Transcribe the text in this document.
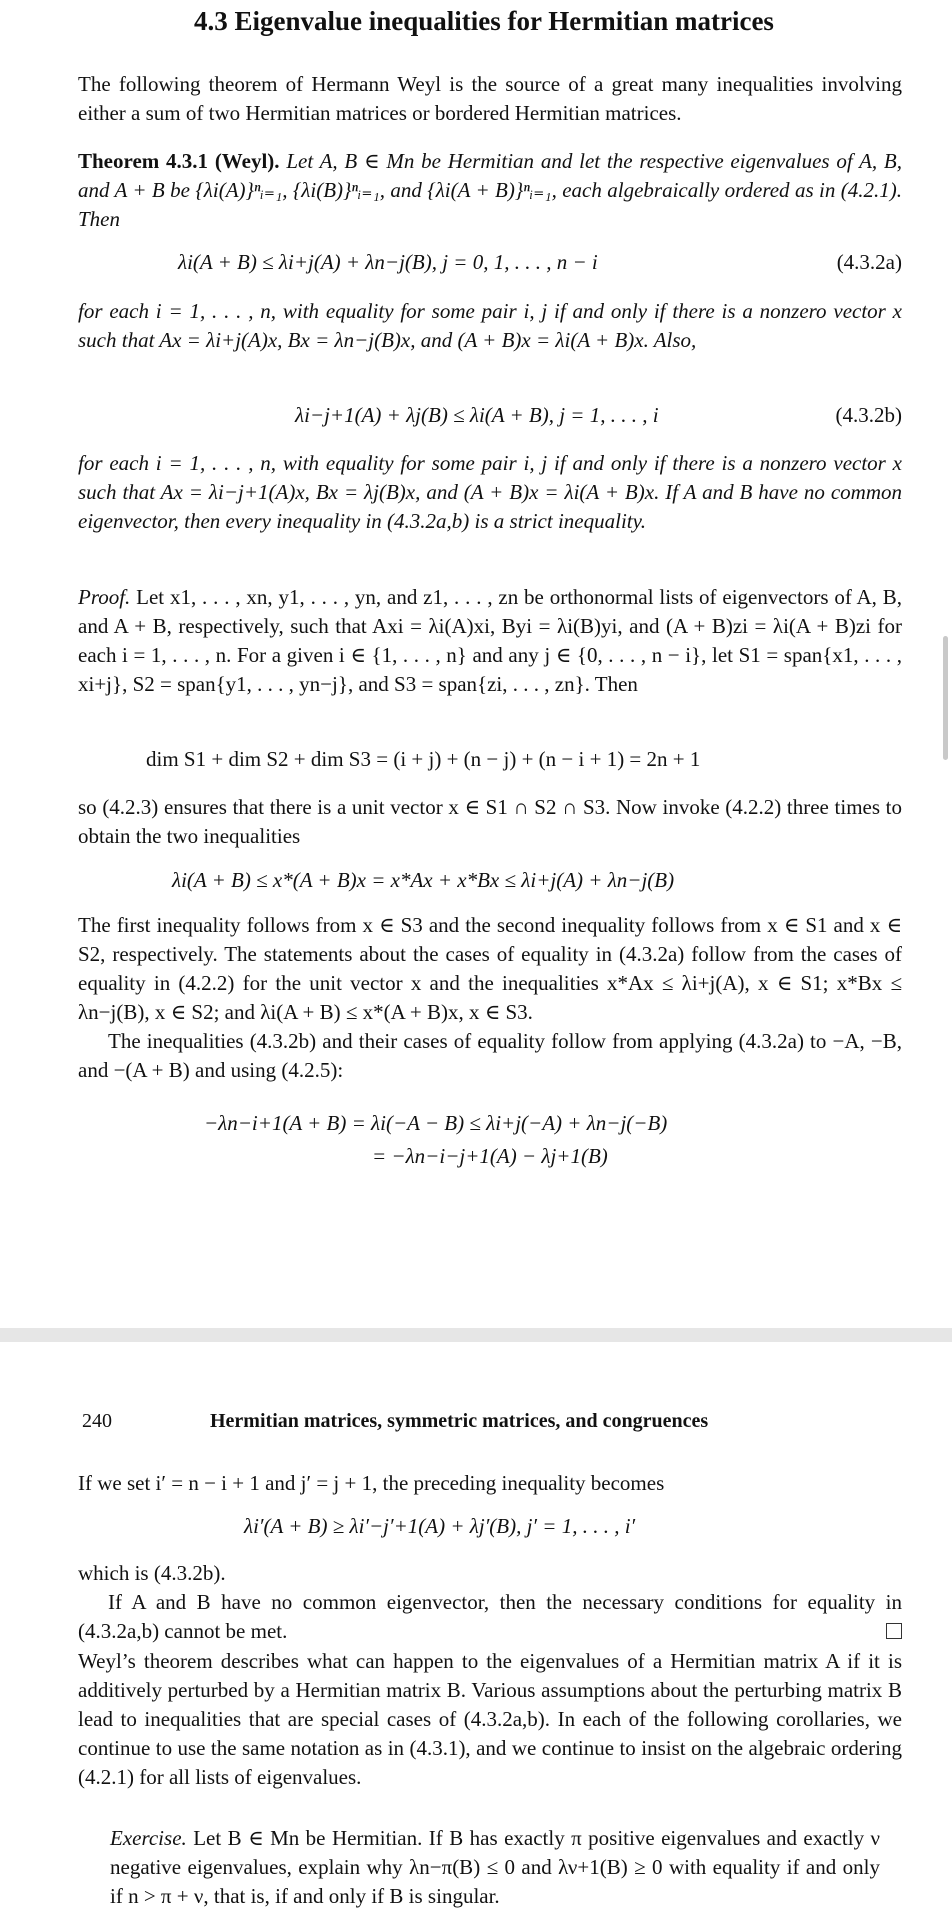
4.3 Eigenvalue inequalities for Hermitian matrices

The following theorem of Hermann Weyl is the source of a great many inequalities involving either a sum of two Hermitian matrices or bordered Hermitian matrices.

Theorem 4.3.1 (Weyl). Let A, B ∈ Mn be Hermitian and let the respective eigenvalues of A, B, and A + B be {λi(A)}ⁿᵢ₌₁, {λi(B)}ⁿᵢ₌₁, and {λi(A + B)}ⁿᵢ₌₁, each algebraically ordered as in (4.2.1). Then

λi(A + B) ≤ λi+j(A) + λn−j(B), j = 0, 1, . . . , n − i	(4.3.2a)

for each i = 1, . . . , n, with equality for some pair i, j if and only if there is a nonzero vector x such that Ax = λi+j(A)x, Bx = λn−j(B)x, and (A + B)x = λi(A + B)x. Also,

λi−j+1(A) + λj(B) ≤ λi(A + B), j = 1, . . . , i	(4.3.2b)

for each i = 1, . . . , n, with equality for some pair i, j if and only if there is a nonzero vector x such that Ax = λi−j+1(A)x, Bx = λj(B)x, and (A + B)x = λi(A + B)x. If A and B have no common eigenvector, then every inequality in (4.3.2a,b) is a strict inequality.

Proof. Let x1, . . . , xn, y1, . . . , yn, and z1, . . . , zn be orthonormal lists of eigenvectors of A, B, and A + B, respectively, such that Axi = λi(A)xi, Byi = λi(B)yi, and (A + B)zi = λi(A + B)zi for each i = 1, . . . , n. For a given i ∈ {1, . . . , n} and any j ∈ {0, . . . , n − i}, let S1 = span{x1, . . . , xi+j}, S2 = span{y1, . . . , yn−j}, and S3 = span{zi, . . . , zn}. Then

dim S1 + dim S2 + dim S3 = (i + j) + (n − j) + (n − i + 1) = 2n + 1

so (4.2.3) ensures that there is a unit vector x ∈ S1 ∩ S2 ∩ S3. Now invoke (4.2.2) three times to obtain the two inequalities

λi(A + B) ≤ x*(A + B)x = x*Ax + x*Bx ≤ λi+j(A) + λn−j(B)

The first inequality follows from x ∈ S3 and the second inequality follows from x ∈ S1 and x ∈ S2, respectively. The statements about the cases of equality in (4.3.2a) follow from the cases of equality in (4.2.2) for the unit vector x and the inequalities x*Ax ≤ λi+j(A), x ∈ S1; x*Bx ≤ λn−j(B), x ∈ S2; and λi(A + B) ≤ x*(A + B)x, x ∈ S3.

The inequalities (4.3.2b) and their cases of equality follow from applying (4.3.2a) to −A, −B, and −(A + B) and using (4.2.5):

−λn−i+1(A + B) = λi(−A − B) ≤ λi+j(−A) + λn−j(−B)
= −λn−i−j+1(A) − λj+1(B)
240	Hermitian matrices, symmetric matrices, and congruences

If we set i′ = n − i + 1 and j′ = j + 1, the preceding inequality becomes

λi′(A + B) ≥ λi′−j′+1(A) + λj′(B), j′ = 1, . . . , i′

which is (4.3.2b).

If A and B have no common eigenvector, then the necessary conditions for equality in (4.3.2a,b) cannot be met.

Weyl’s theorem describes what can happen to the eigenvalues of a Hermitian matrix A if it is additively perturbed by a Hermitian matrix B. Various assumptions about the perturbing matrix B lead to inequalities that are special cases of (4.3.2a,b). In each of the following corollaries, we continue to use the same notation as in (4.3.1), and we continue to insist on the algebraic ordering (4.2.1) for all lists of eigenvalues.

Exercise. Let B ∈ Mn be Hermitian. If B has exactly π positive eigenvalues and exactly ν negative eigenvalues, explain why λn−π(B) ≤ 0 and λν+1(B) ≥ 0 with equality if and only if n > π + ν, that is, if and only if B is singular.
